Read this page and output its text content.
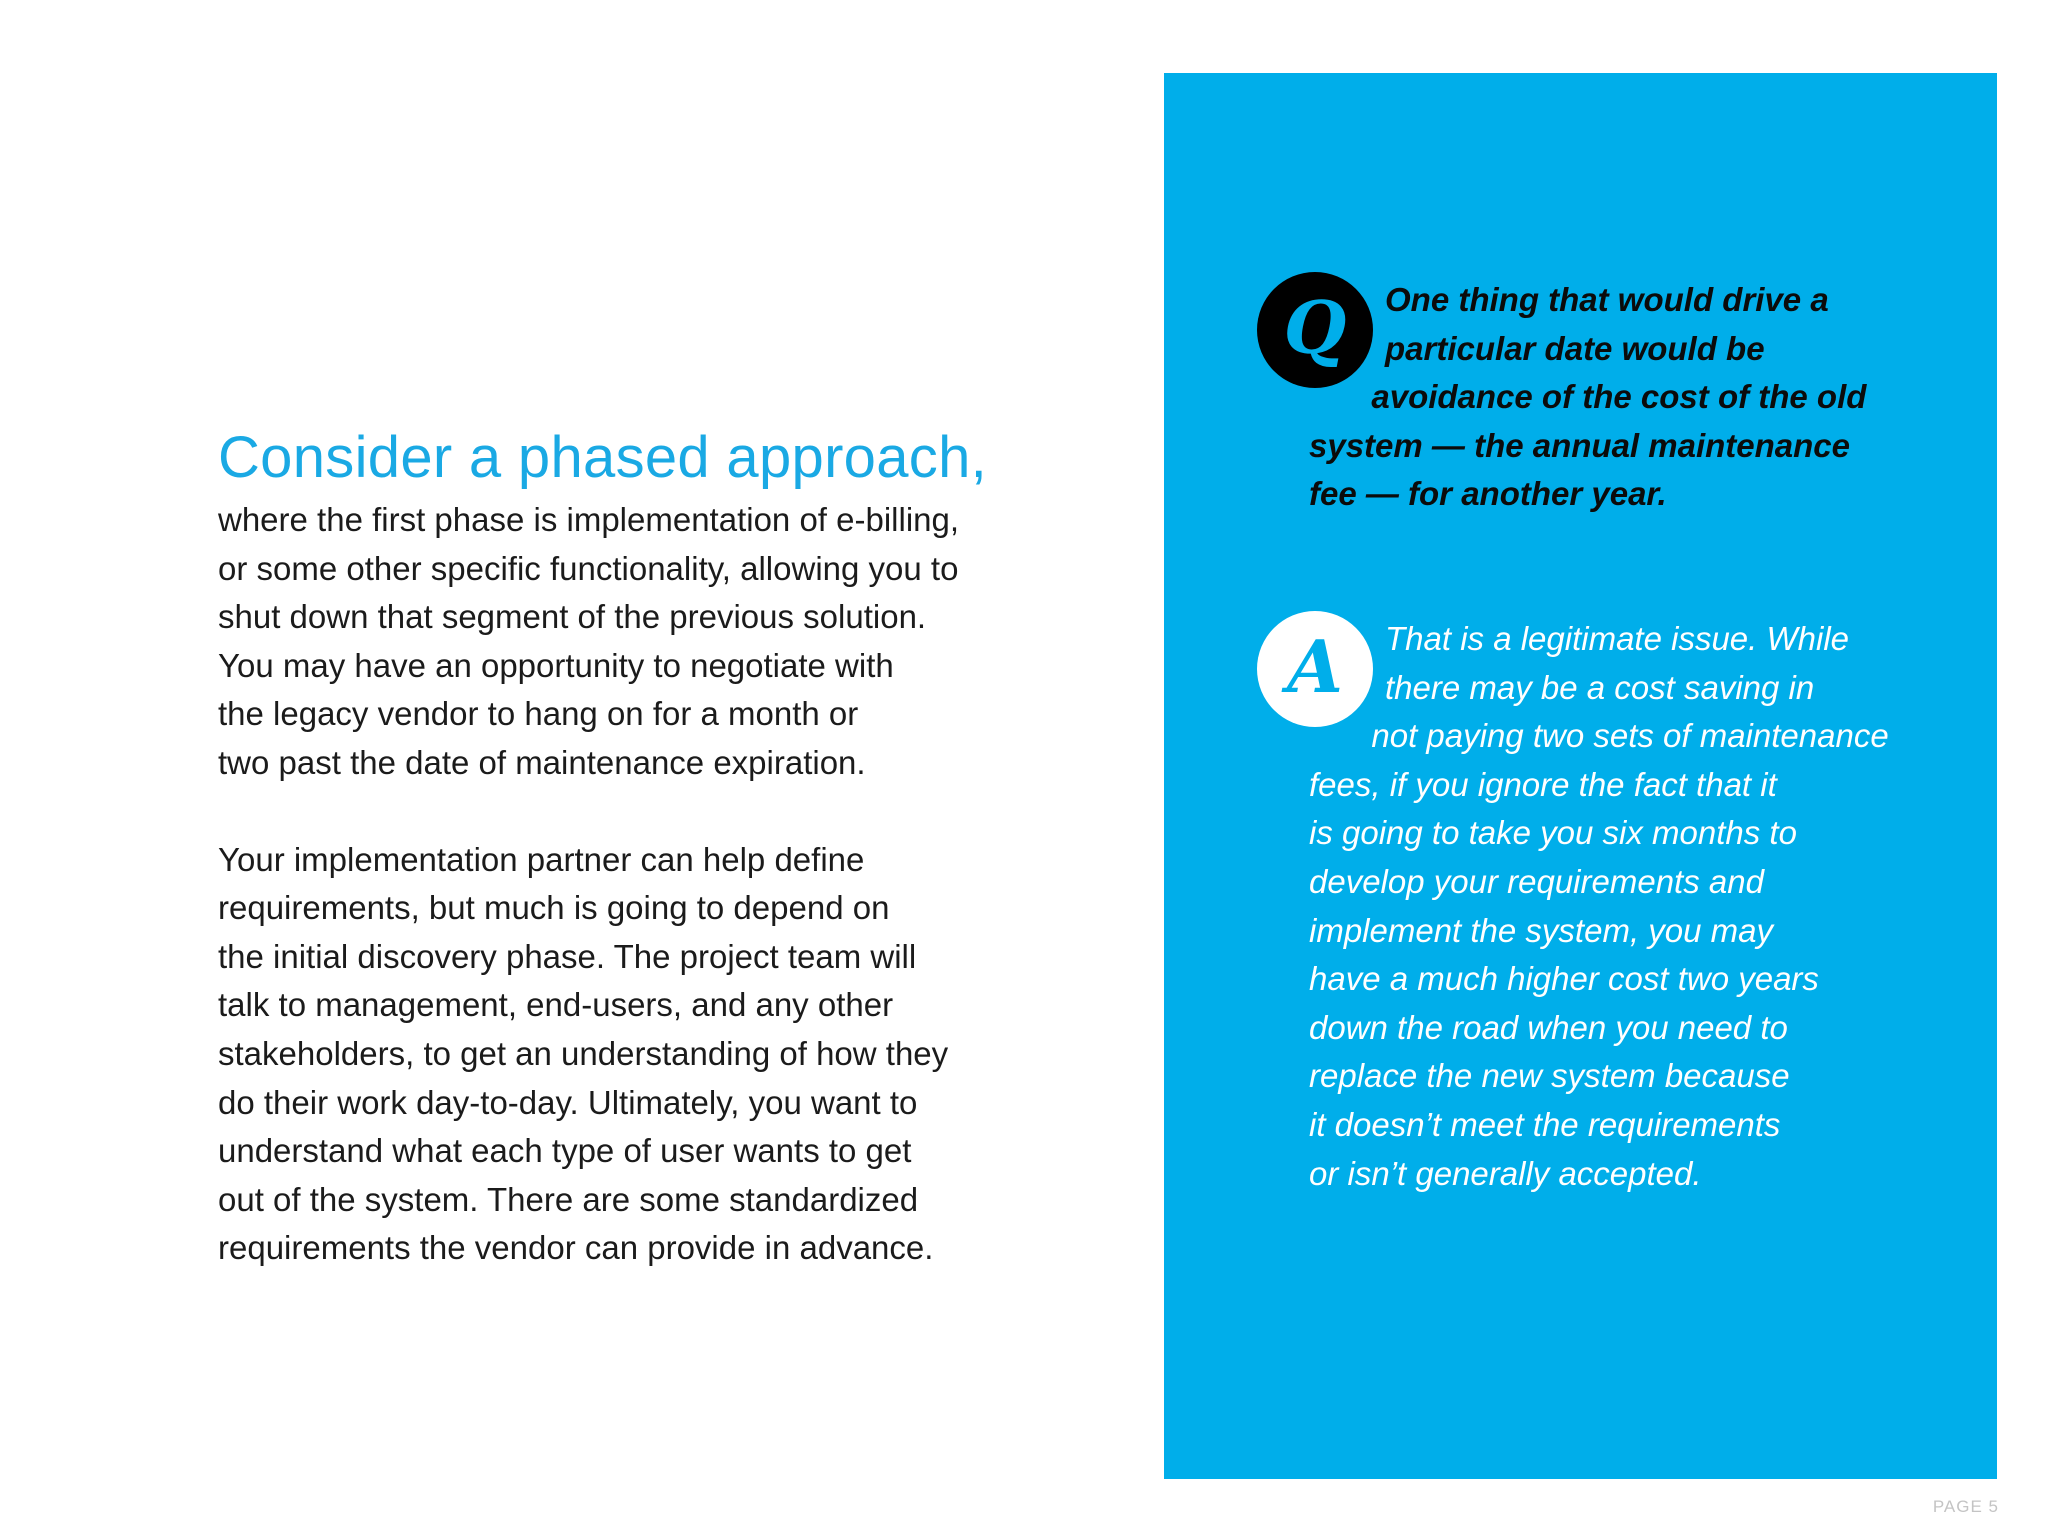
Consider a phased approach,

where the first phase is implementation of e-billing,
or some other specific functionality, allowing you to
shut down that segment of the previous solution.
You may have an opportunity to negotiate with
the legacy vendor to hang on for a month or
two past the date of maintenance expiration.

Your implementation partner can help define
requirements, but much is going to depend on
the initial discovery phase. The project team will
talk to management, end-users, and any other
stakeholders, to get an understanding of how they
do their work day-to-day. Ultimately, you want to
understand what each type of user wants to get
out of the system. There are some standardized
requirements the vendor can provide in advance.

Q	One thing that would drive a
particular date would be
avoidance of the cost of the old
system — the annual maintenance
fee — for another year.

A	That is a legitimate issue. While
there may be a cost saving in
not paying two sets of maintenance
fees, if you ignore the fact that it
is going to take you six months to
develop your requirements and
implement the system, you may
have a much higher cost two years
down the road when you need to
replace the new system because
it doesn’t meet the requirements
or isn’t generally accepted.

PAGE 5
